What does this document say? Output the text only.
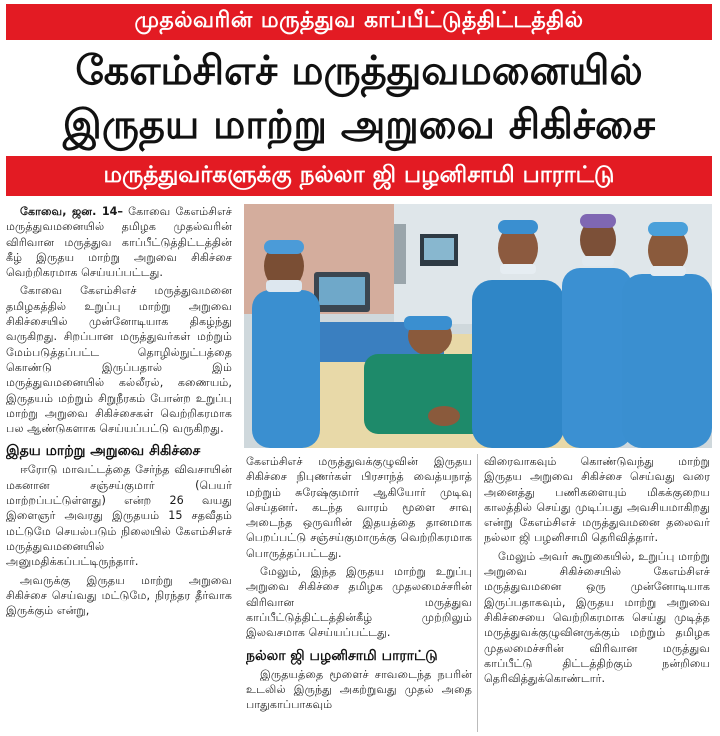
முதல்வரின் மருத்துவ காப்பீட்டுத்திட்டத்தில்
கேஎம்சிஎச் மருத்துவமனையில்
இருதய மாற்று அறுவை சிகிச்சை
மருத்துவர்களுக்கு நல்லா ஜி பழனிசாமி பாராட்டு

கோவை, ஜன. 14– கோவை கேஎம்சிஎச் மருத்துவமனையில் தமிழக முதல்வரின் விரிவான மருத்துவ காப்பீட்டுத்திட்டத்தின் கீழ் இருதய மாற்று அறுவை சிகிச்சை வெற்றிகரமாக செய்யப்பட்டது.

கோவை கேஎம்சிஎச் மருத்துவமனை தமிழகத்தில் உறுப்பு மாற்று அறுவை சிகிச்சையில் முன்னோடியாக திகழ்ந்து வருகிறது. சிறப்பான மருத்துவர்கள் மற்றும் மேம்படுத்தப்பட்ட தொழில்நுட்பத்தை கொண்டு இருப்பதால் இம் மருத்துவமனையில் கல்லீரல், கணையம், இருதயம் மற்றும் சிறுநீரகம் போன்ற உறுப்பு மாற்று அறுவை சிகிச்சைகள் வெற்றிகரமாக பல ஆண்டுகளாக செய்யப்பட்டு வருகிறது.

இதய மாற்று அறுவை சிகிச்சை

ஈரோடு மாவட்டத்தை சேர்ந்த விவசாயின் மகனான சஞ்சய்குமார் (பெயர் மாற்றப்பட்டுள்ளது) என்ற 26 வயது இளைஞர் அவரது இருதயம் 15 சதவீதம் மட்டுமே செயல்படும் நிலையில் கேஎம்சிஎச் மருத்துவமனையில் அனுமதிக்கப்பட்டிருந்தார்.

அவருக்கு இருதய மாற்று அறுவை சிகிச்சை செய்வது மட்டுமே, நிரந்தர தீர்வாக இருக்கும் என்று,

கேஎம்சிஎச் மருத்துவக்குழுவின் இருதய சிகிச்சை நிபுணர்கள் பிரசாந்த் வைத்யநாத் மற்றும் சுரேஷ்குமார் ஆகியோர் முடிவு செய்தனர். கடந்த வாரம் மூளை சாவு அடைந்த ஒருவரின் இதயத்தை தானமாக பெறப்பட்டு சஞ்சய்குமாருக்கு வெற்றிகரமாக பொருத்தப்பட்டது.

மேலும், இந்த இருதய மாற்று உறுப்பு அறுவை சிகிச்சை தமிழக முதலமைச்சரின் விரிவான மருத்துவ காப்பீட்டுத்திட்டத்தின்கீழ் முற்றிலும் இலவசமாக செய்யப்பட்டது.

நல்லா ஜி பழனிசாமி பாராட்டு

இருதயத்தை மூளைச் சாவடைந்த நபரின் உடலில் இருந்து அகற்றுவது முதல் அதை பாதுகாப்பாகவும்

விரைவாகவும் கொண்டுவந்து மாற்று இருதய அறுவை சிகிச்சை செய்வது வரை அனைத்து பணிகளையும் மிகக்குறைய காலத்தில் செய்து முடிப்பது அவசியமாகிறது என்று கேஎம்சிஎச் மருத்துவமனை தலைவர் நல்லா ஜி பழனிசாமி தெரிவித்தார்.

மேலும் அவர் கூறுகையில், உறுப்பு மாற்று அறுவை சிகிச்சையில் கேஎம்சிஎச் மருத்துவமனை ஒரு முன்னோடியாக இருப்பதாகவும், இருதய மாற்று அறுவை சிகிச்சையை வெற்றிகரமாக செய்து முடித்த மருத்துவக்குழுவினருக்கும் மற்றும் தமிழக முதலமைச்சரின் விரிவான மருத்துவ காப்பீட்டு திட்டத்திற்கும் நன்றியை தெரிவித்துக்கொண்டார்.
